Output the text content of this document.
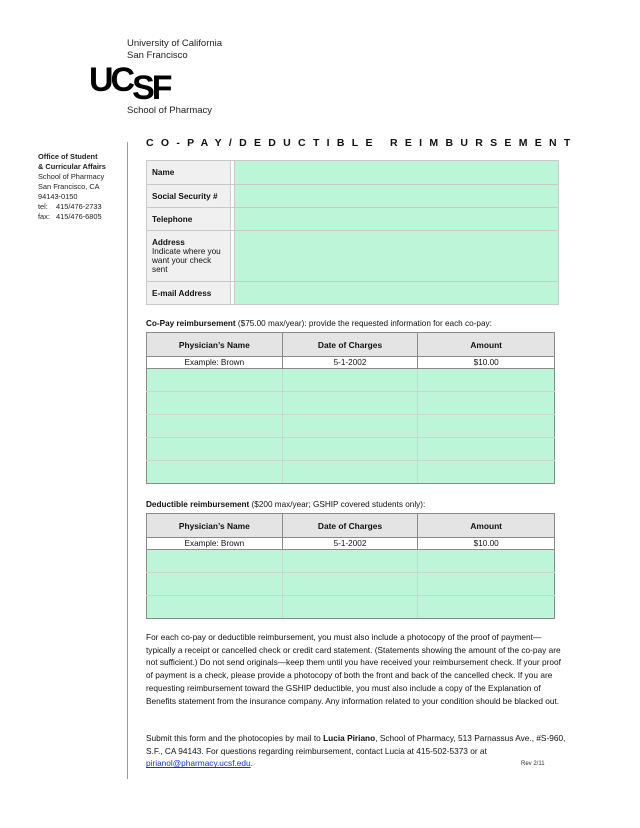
University of California
San Francisco
UCSF
School of Pharmacy
Office of Student
& Curricular Affairs
School of Pharmacy
San Francisco, CA
94143-0150
tel:	415/476-2733
fax: 415/476-6805
CO-PAY/DEDUCTIBLE REIMBURSEMENT
Name		
Social Security #		
Telephone		
Address
Indicate where you want your check sent		

E-mail Address		
Co-Pay reimbursement ($75.00 max/year): provide the requested information for each co-pay:
Physician’s Name	Date of Charges	Amount
Example: Brown	5-1-2002	$10.00

Deductible reimbursement ($200 max/year; GSHIP covered students only):
Physician’s Name	Date of Charges	Amount
Example: Brown	5-1-2002	$10.00

For each co-pay or deductible reimbursement, you must also include a photocopy of the proof of payment—typically a receipt or cancelled check or credit card statement. (Statements showing the amount of the co-pay are not sufficient.) Do not send originals—keep them until you have received your reimbursement check. If your proof of payment is a check, please provide a photocopy of both the front and back of the cancelled check. If you are requesting reimbursement toward the GSHIP deductible, you must also include a copy of the Explanation of Benefits statement from the insurance company. Any information related to your condition should be blacked out.
Submit this form and the photocopies by mail to Lucia Piriano, School of Pharmacy, 513 Parnassus Ave., #S-960, S.F., CA 94143. For questions regarding reimbursement, contact Lucia at 415-502-5373 or at pirianol@pharmacy.ucsf.edu.	Rev 2/11
